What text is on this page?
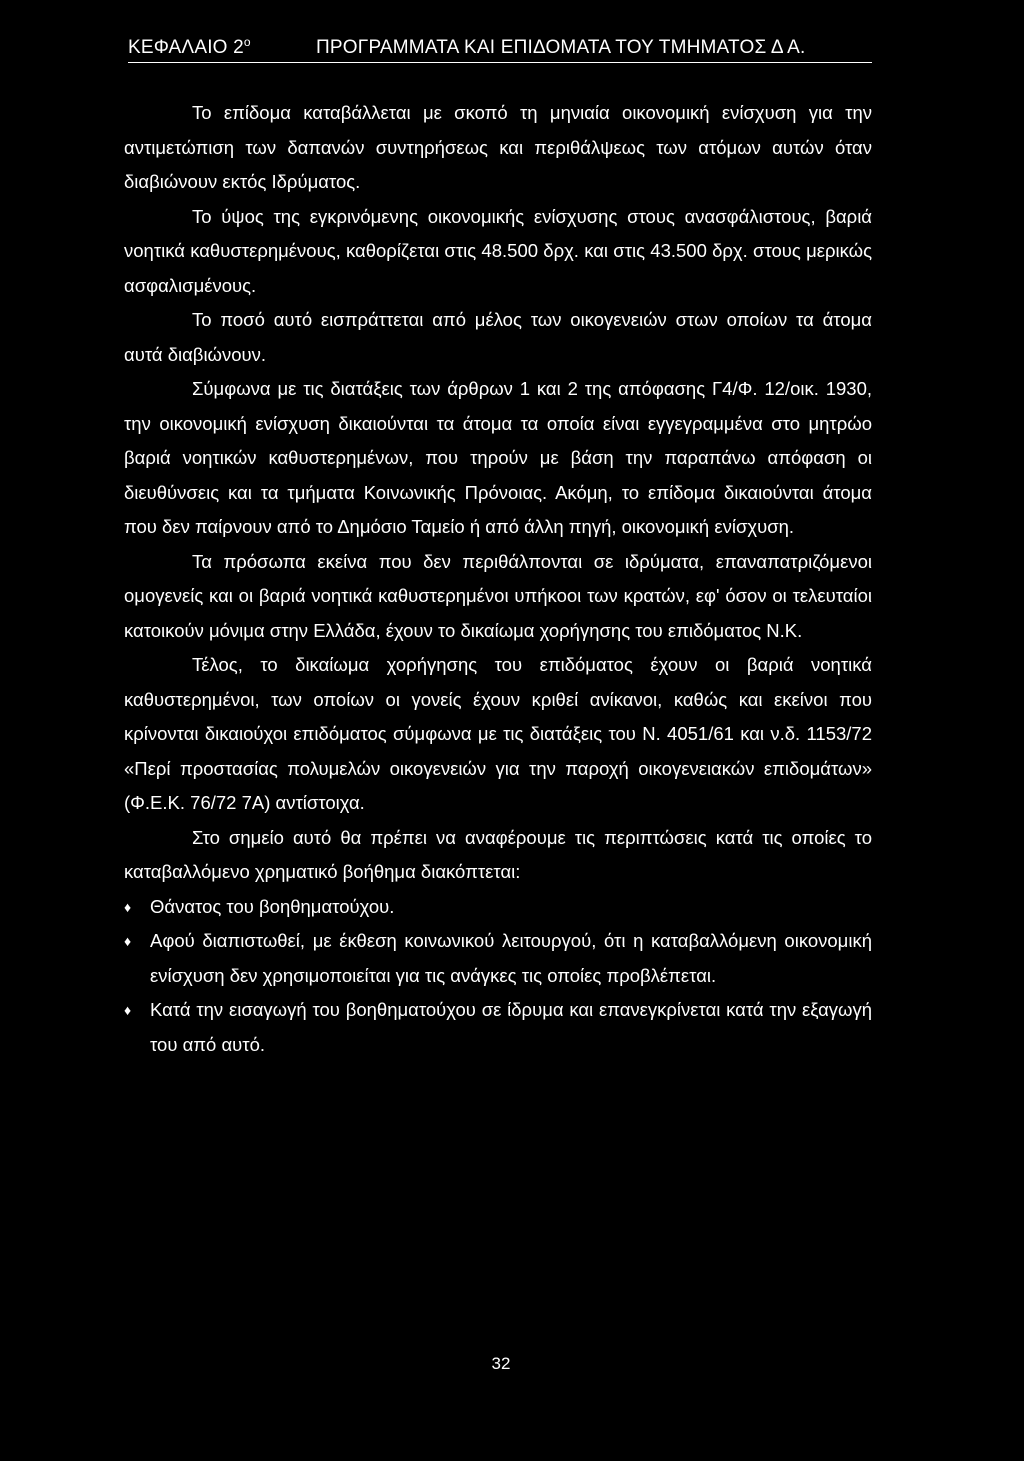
ΚΕΦΑΛΑΙΟ $2^o$	ΠΡΟΓΡΑΜΜΑΤΑ ΚΑΙ ΕΠΙΔΟΜΑΤΑ ΤΟΥ ΤΜΗΜΑΤΟΣ Δ Α.

Το επίδομα καταβάλλεται με σκοπό τη μηνιαία οικονομική ενίσχυση για την αντιμετώπιση των δαπανών συντηρήσεως και περιθάλψεως των ατόμων αυτών όταν διαβιώνουν εκτός Ιδρύματος.

Το ύψος της εγκρινόμενης οικονομικής ενίσχυσης στους ανασφάλιστους, βαριά νοητικά καθυστερημένους, καθορίζεται στις 48.500 δρχ. και στις 43.500 δρχ. στους μερικώς ασφαλισμένους.

Το ποσό αυτό εισπράττεται από μέλος των οικογενειών στων οποίων τα άτομα αυτά διαβιώνουν.

Σύμφωνα με τις διατάξεις των άρθρων 1 και 2 της απόφασης Γ4/Φ. 12/οικ. 1930, την οικονομική ενίσχυση δικαιούνται τα άτομα τα οποία είναι εγγεγραμμένα στο μητρώο βαριά νοητικών καθυστερημένων, που τηρούν με βάση την παραπάνω απόφαση οι διευθύνσεις και τα τμήματα Κοινωνικής Πρόνοιας. Ακόμη, το επίδομα δικαιούνται άτομα που δεν παίρνουν από το Δημόσιο Ταμείο ή από άλλη πηγή, οικονομική ενίσχυση.

Τα πρόσωπα εκείνα που δεν περιθάλπονται σε ιδρύματα, επαναπατριζόμενοι ομογενείς και οι βαριά νοητικά καθυστερημένοι υπήκοοι των κρατών, εφ' όσον οι τελευταίοι κατοικούν μόνιμα στην Ελλάδα, έχουν το δικαίωμα χορήγησης του επιδόματος Ν.Κ.

Τέλος, το δικαίωμα χορήγησης του επιδόματος έχουν οι βαριά νοητικά καθυστερημένοι, των οποίων οι γονείς έχουν κριθεί ανίκανοι, καθώς και εκείνοι που κρίνονται δικαιούχοι επιδόματος σύμφωνα με τις διατάξεις του Ν. 4051/61 και ν.δ. 1153/72 «Περί προστασίας πολυμελών οικογενειών για την παροχή οικογενειακών επιδομάτων» (Φ.Ε.Κ. 76/72 7Α) αντίστοιχα.

Στο σημείο αυτό θα πρέπει να αναφέρουμε τις περιπτώσεις κατά τις οποίες το καταβαλλόμενο χρηματικό βοήθημα διακόπτεται:

♦ Θάνατος του βοηθηματούχου.
♦ Αφού διαπιστωθεί, με έκθεση κοινωνικού λειτουργού, ότι η καταβαλλόμενη οικονομική ενίσχυση δεν χρησιμοποιείται για τις ανάγκες τις οποίες προβλέπεται.
♦ Κατά την εισαγωγή του βοηθηματούχου σε ίδρυμα και επανεγκρίνεται κατά την εξαγωγή του από αυτό.
32
